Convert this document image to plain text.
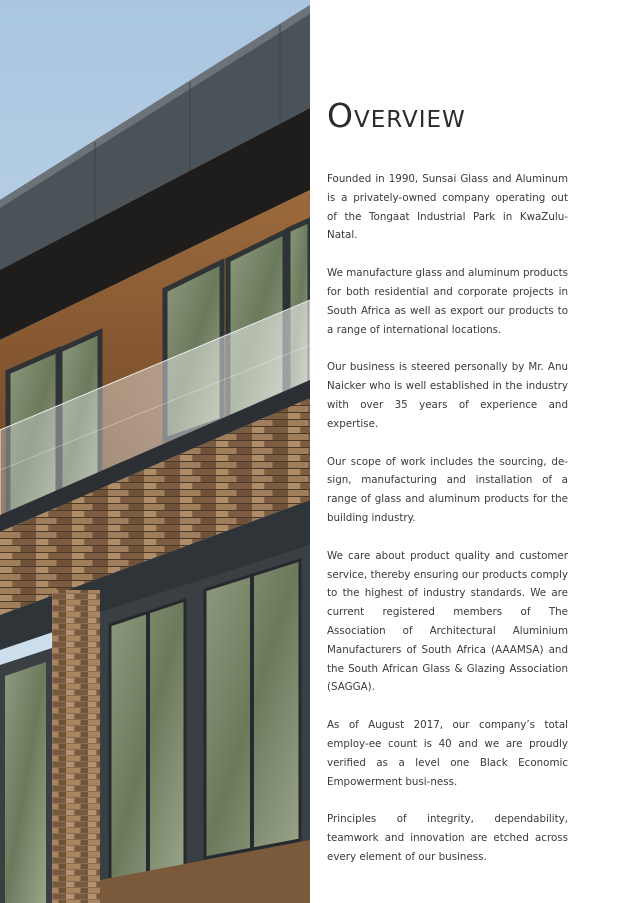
Overview

Founded in 1990, Sunsai Glass and Aluminum is a privately-owned company operating out of the Tongaat Industrial Park in KwaZulu-Natal.

We manufacture glass and aluminum products for both residential and corporate projects in South Africa as well as export our products to a range of international locations.

Our business is steered personally by Mr. Anu Naicker who is well established in the industry with over 35 years of experience and expertise.

Our scope of work includes the sourcing, de-sign, manufacturing and installation of a range of glass and aluminum products for the building industry.

We care about product quality and customer service, thereby ensuring our products comply to the highest of industry standards. We are current registered members of The Association of Architectural Aluminium Manufacturers of South Africa (AAAMSA) and the South African Glass & Glazing Association (SAGGA).

As of August 2017, our company’s total employ-ee count is 40 and we are proudly verified as a level one Black Economic Empowerment busi-ness.

Principles of integrity, dependability, teamwork and innovation are etched across every element of our business.
